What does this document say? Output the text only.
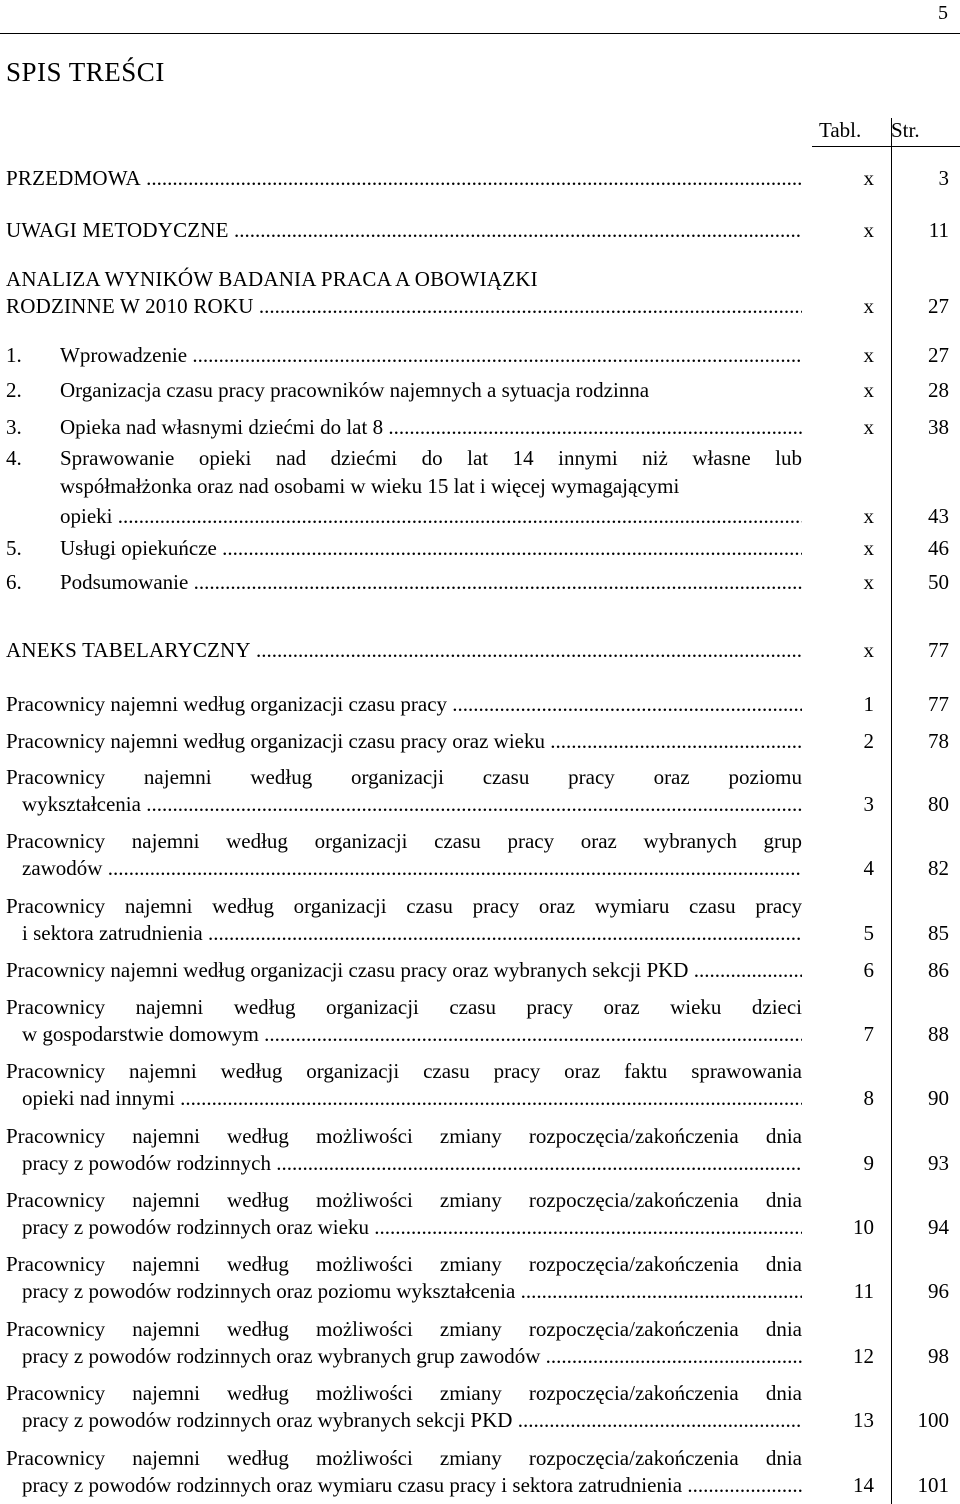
5
SPIS TREŚCI
Tabl. Str.
PRZEDMOWA .....	x	3
UWAGI METODYCZNE .....	x	11
ANALIZA WYNIKÓW BADANIA PRACA A OBOWIĄZKI
RODZINNE W 2010 ROKU .....	x	27
1. Wprowadzenie .....	x	27
2. Organizacja czasu pracy pracowników najemnych a sytuacja rodzinna	x	28
3. Opieka nad własnymi dziećmi do lat 8 .....	x	38
4. Sprawowanie opieki nad dziećmi do lat 14 innymi niż własne lub
współmałżonka oraz nad osobami w wieku 15 lat i więcej wymagającymi
opieki .....	x	43
5. Usługi opiekuńcze .....	x	46
6. Podsumowanie .....	x	50
ANEKS TABELARYCZNY .....	x	77
Pracownicy najemni według organizacji czasu pracy .....	1	77
Pracownicy najemni według organizacji czasu pracy oraz wieku .....	2	78
Pracownicy najemni według organizacji czasu pracy oraz poziomu
wykształcenia .....	3	80
Pracownicy najemni według organizacji czasu pracy oraz wybranych grup
zawodów .....	4	82
Pracownicy najemni według organizacji czasu pracy oraz wymiaru czasu pracy
i sektora zatrudnienia .....	5	85
Pracownicy najemni według organizacji czasu pracy oraz wybranych sekcji PKD .....	6	86
Pracownicy najemni według organizacji czasu pracy oraz wieku dzieci
w gospodarstwie domowym .....	7	88
Pracownicy najemni według organizacji czasu pracy oraz faktu sprawowania
opieki nad innymi .....	8	90
Pracownicy najemni według możliwości zmiany rozpoczęcia/zakończenia dnia
pracy z powodów rodzinnych .....	9	93
Pracownicy najemni według możliwości zmiany rozpoczęcia/zakończenia dnia
pracy z powodów rodzinnych oraz wieku .....	10	94
Pracownicy najemni według możliwości zmiany rozpoczęcia/zakończenia dnia
pracy z powodów rodzinnych oraz poziomu wykształcenia .....	11	96
Pracownicy najemni według możliwości zmiany rozpoczęcia/zakończenia dnia
pracy z powodów rodzinnych oraz wybranych grup zawodów .....	12	98
Pracownicy najemni według możliwości zmiany rozpoczęcia/zakończenia dnia
pracy z powodów rodzinnych oraz wybranych sekcji PKD .....	13	100
Pracownicy najemni według możliwości zmiany rozpoczęcia/zakończenia dnia
pracy z powodów rodzinnych oraz wymiaru czasu pracy i sektora zatrudnienia .....	14	101
